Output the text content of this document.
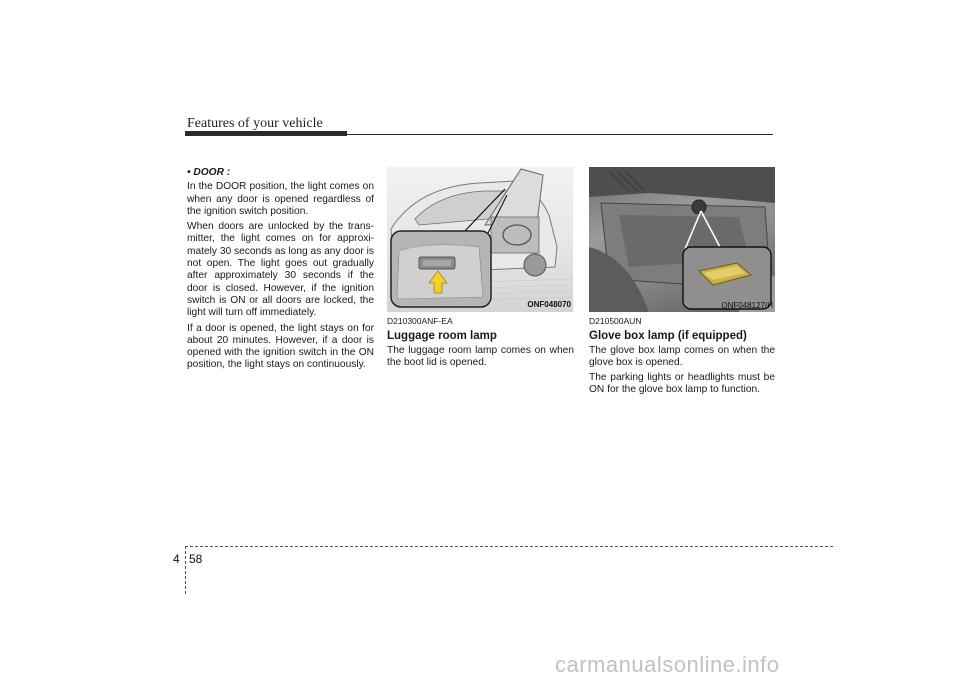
Features of your vehicle

• DOOR :

In the DOOR position, the light comes on when any door is opened regardless of the ignition switch position.

When doors are unlocked by the trans-mitter, the light comes on for approxi-mately 30 seconds as long as any door is not open. The light goes out gradually after approximately 30 seconds if the door is closed. However, if the ignition switch is ON or all doors are locked, the light will turn off immediately.

If a door is opened, the light stays on for about 20 minutes. However, if a door is opened with the ignition switch in the ON position, the light stays on continuously.

ONF048070

D210300ANF-EA

Luggage room lamp

The luggage room lamp comes on when the boot lid is opened.

ONF048127/H

D210500AUN

Glove box lamp (if equipped)

The glove box lamp comes on when the glove box is opened.

The parking lights or headlights must be ON for the glove box lamp to function.

4 58
carmanualsonline.info
